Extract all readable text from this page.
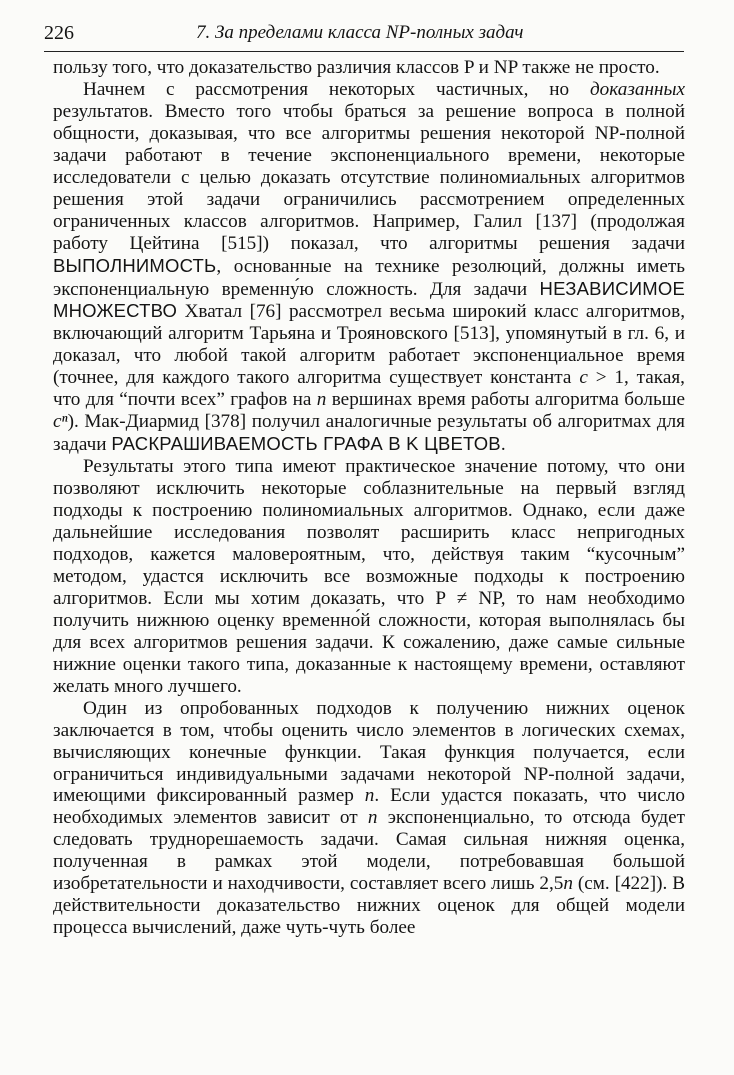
226	7. За пределами класса NP-полных задач

пользу того, что доказательство различия классов P и NP также не просто.

Начнем с рассмотрения некоторых частичных, но доказанных результатов. Вместо того чтобы браться за решение вопроса в полной общности, доказывая, что все алгоритмы решения некоторой NP-полной задачи работают в течение экспоненциального времени, некоторые исследователи с целью доказать отсутствие полиномиальных алгоритмов решения этой задачи ограничились рассмотрением определенных ограниченных классов алгоритмов. Например, Галил [137] (продолжая работу Цейтина [515]) показал, что алгоритмы решения задачи ВЫПОЛНИМОСТЬ, основанные на технике резолюций, должны иметь экспоненциальную временну́ю сложность. Для задачи НЕЗАВИСИМОЕ МНОЖЕСТВО Хватал [76] рассмотрел весьма широкий класс алгоритмов, включающий алгоритм Тарьяна и Трояновского [513], упомянутый в гл. 6, и доказал, что любой такой алгоритм работает экспоненциальное время (точнее, для каждого такого алгоритма существует константа c > 1, такая, что для “почти всех” графов на n вершинах время работы алгоритма больше cⁿ). Мак-Диармид [378] получил аналогичные результаты об алгоритмах для задачи РАСКРАШИВАЕМОСТЬ ГРАФА В K ЦВЕТОВ.

Результаты этого типа имеют практическое значение потому, что они позволяют исключить некоторые соблазнительные на первый взгляд подходы к построению полиномиальных алгоритмов. Однако, если даже дальнейшие исследования позволят расширить класс непригодных подходов, кажется маловероятным, что, действуя таким “кусочным” методом, удастся исключить все возможные подходы к построению алгоритмов. Если мы хотим доказать, что P ≠ NP, то нам необходимо получить нижнюю оценку временно́й сложности, которая выполнялась бы для всех алгоритмов решения задачи. К сожалению, даже самые сильные нижние оценки такого типа, доказанные к настоящему времени, оставляют желать много лучшего.

Один из опробованных подходов к получению нижних оценок заключается в том, чтобы оценить число элементов в логических схемах, вычисляющих конечные функции. Такая функция получается, если ограничиться индивидуальными задачами некоторой NP-полной задачи, имеющими фиксированный размер n. Если удастся показать, что число необходимых элементов зависит от n экспоненциально, то отсюда будет следовать труднорешаемость задачи. Самая сильная нижняя оценка, полученная в рамках этой модели, потребовавшая большой изобретательности и находчивости, составляет всего лишь 2,5n (см. [422]). В действительности доказательство нижних оценок для общей модели процесса вычислений, даже чуть-чуть более
